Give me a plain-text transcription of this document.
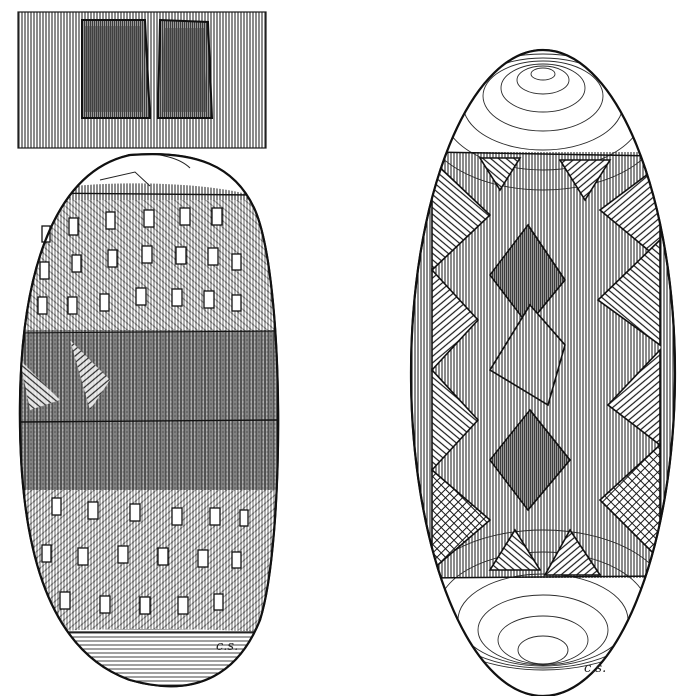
c.s.
c.s.
